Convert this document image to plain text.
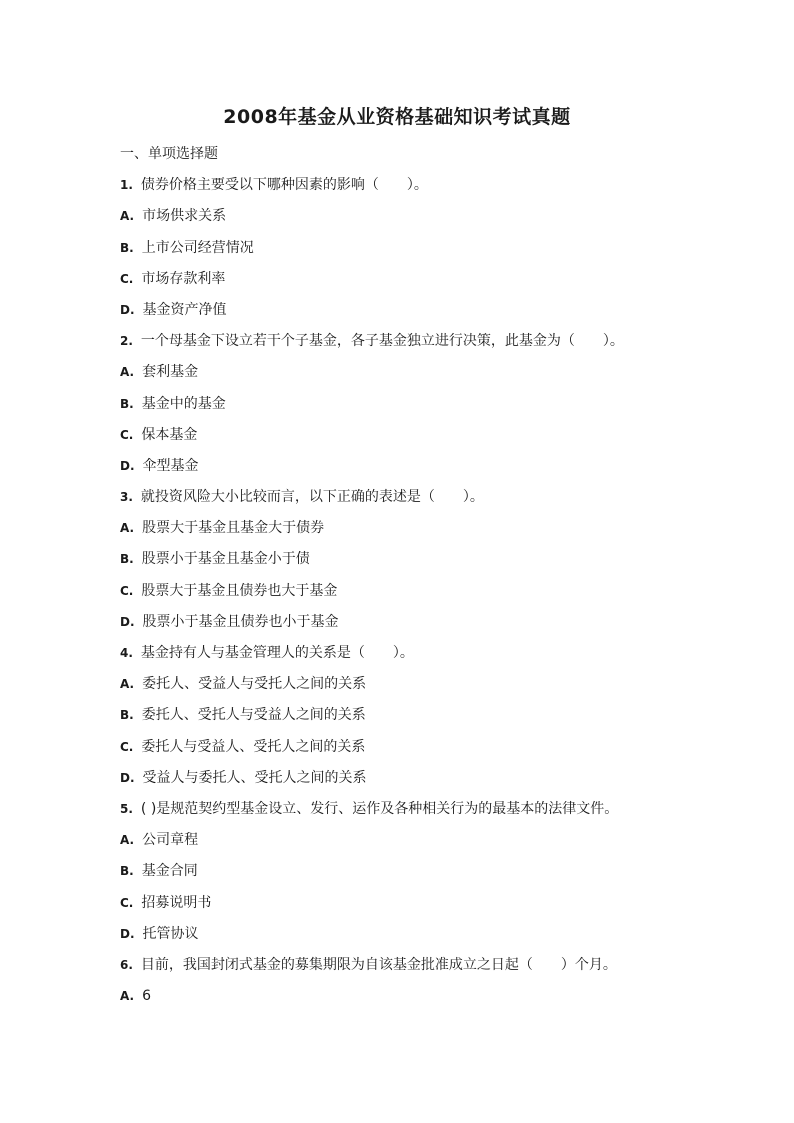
2008年基金从业资格基础知识考试真题
一、单项选择题
1. 债券价格主要受以下哪种因素的影响（　　）。
A. 市场供求关系
B. 上市公司经营情况
C. 市场存款利率
D. 基金资产净值
2. 一个母基金下设立若干个子基金，各子基金独立进行决策，此基金为（　　）。
A. 套利基金
B. 基金中的基金
C. 保本基金
D. 伞型基金
3. 就投资风险大小比较而言，以下正确的表述是（　　）。
A. 股票大于基金且基金大于债券
B. 股票小于基金且基金小于债
C. 股票大于基金且债券也大于基金
D. 股票小于基金且债券也小于基金
4. 基金持有人与基金管理人的关系是（　　）。
A. 委托人、受益人与受托人之间的关系
B. 委托人、受托人与受益人之间的关系
C. 委托人与受益人、受托人之间的关系
D. 受益人与委托人、受托人之间的关系
5. ( )是规范契约型基金设立、发行、运作及各种相关行为的最基本的法律文件。
A. 公司章程
B. 基金合同
C. 招募说明书
D. 托管协议
6. 目前，我国封闭式基金的募集期限为自该基金批准成立之日起（　　）个月。
A. 6
